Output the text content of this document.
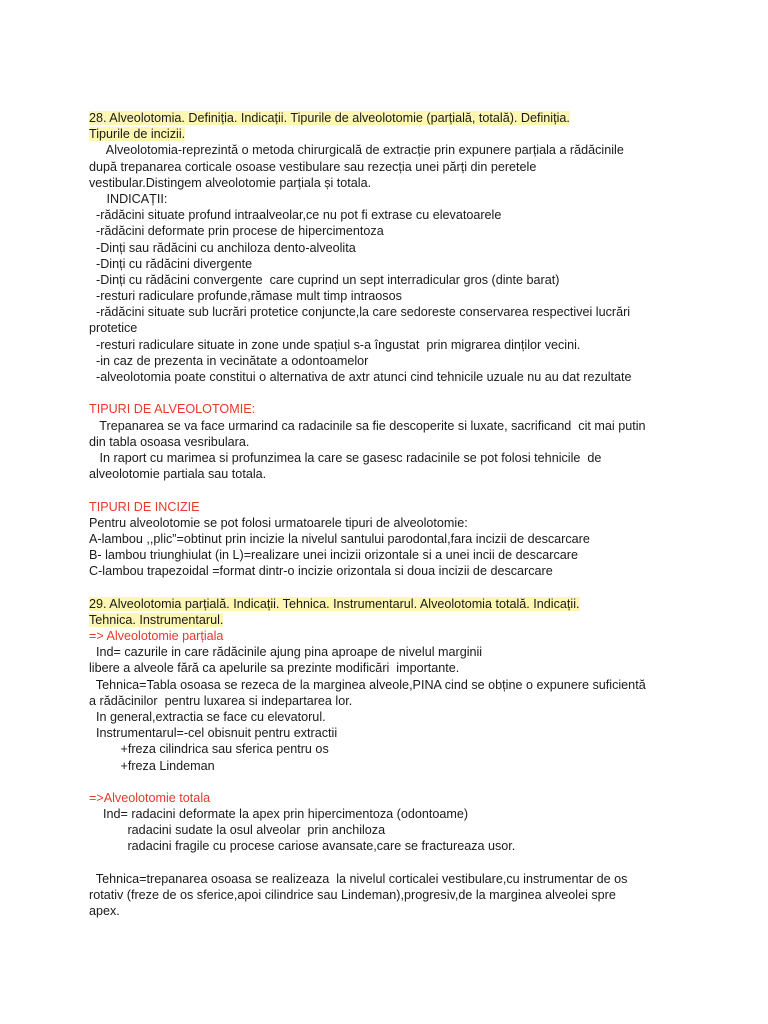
28. Alveolotomia. Definiția. Indicații. Tipurile de alveolotomie (parțială, totală). Definiția.
Tipurile de incizii.
Alveolotomia-reprezintă o metoda chirurgicală de extracție prin expunere parțiala a rădăcinile
după trepanarea corticale osoase vestibulare sau rezecția unei părți din peretele
vestibular.Distingem alveolotomie parțiala și totala.
INDICAȚII:
-rădăcini situate profund intraalveolar,ce nu pot fi extrase cu elevatoarele
-rădăcini deformate prin procese de hipercimentoza
-Dinți sau rădăcini cu anchiloza dento-alveolita
-Dinți cu rădăcini divergente
-Dinți cu rădăcini convergente  care cuprind un sept interradicular gros (dinte barat)
-resturi radiculare profunde,rămase mult timp intraosos
-rădăcini situate sub lucrări protetice conjuncte,la care sedoreste conservarea respectivei lucrări
protetice
-resturi radiculare situate in zone unde spațiul s-a îngustat  prin migrarea dinților vecini.
-in caz de prezenta in vecinătate a odontoamelor
-alveolotomia poate constitui o alternativa de axtr atunci cind tehnicile uzuale nu au dat rezultate
TIPURI DE ALVEOLOTOMIE:
Trepanarea se va face urmarind ca radacinile sa fie descoperite si luxate, sacrificand  cit mai putin
din tabla osoasa vesribulara.
In raport cu marimea si profunzimea la care se gasesc radacinile se pot folosi tehnicile  de
alveolotomie partiala sau totala.
TIPURI DE INCIZIE
Pentru alveolotomie se pot folosi urmatoarele tipuri de alveolotomie:
A-lambou ,,plic”=obtinut prin incizie la nivelul santului parodontal,fara incizii de descarcare
B- lambou triunghiulat (in L)=realizare unei incizii orizontale si a unei incii de descarcare
C-lambou trapezoidal =format dintr-o incizie orizontala si doua incizii de descarcare
29. Alveolotomia parțială. Indicații. Tehnica. Instrumentarul. Alveolotomia totală. Indicații.
Tehnica. Instrumentarul.
=> Alveolotomie parțiala
Ind= cazurile in care rădăcinile ajung pina aproape de nivelul marginii
libere a alveole fără ca apelurile sa prezinte modificări  importante.
Tehnica=Tabla osoasa se rezeca de la marginea alveole,PINA cind se obține o expunere suficientă
a rădăcinilor  pentru luxarea si indepartarea lor.
In general,extractia se face cu elevatorul.
Instrumentarul=-cel obisnuit pentru extractii
+freza cilindrica sau sferica pentru os
+freza Lindeman
=>Alveolotomie totala
Ind= radacini deformate la apex prin hipercimentoza (odontoame)
radacini sudate la osul alveolar  prin anchiloza
radacini fragile cu procese cariose avansate,care se fractureaza usor.
Tehnica=trepanarea osoasa se realizeaza  la nivelul corticalei vestibulare,cu instrumentar de os
rotativ (freze de os sferice,apoi cilindrice sau Lindeman),progresiv,de la marginea alveolei spre
apex.
